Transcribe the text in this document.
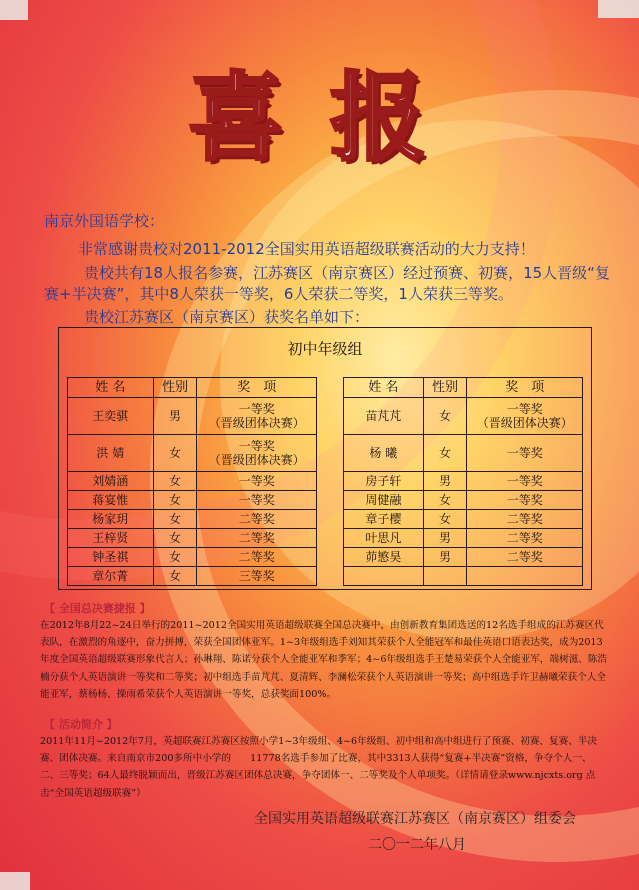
喜报
南京外国语学校：
非常感谢贵校对2011-2012全国实用英语超级联赛活动的大力支持！
贵校共有18人报名参赛，江苏赛区（南京赛区）经过预赛、初赛，15人晋级“复
赛+半决赛”，其中8人荣获一等奖，6人荣获二等奖，1人荣获三等奖。
贵校江苏赛区（南京赛区）获奖名单如下：
初中年级组
姓 名	性别	奖　项
王奕骐	男	一等奖
（晋级团体决赛）

洪 婧	女	一等奖
（晋级团体决赛）

刘婧涵	女	一等奖
蒋宴惟	女	一等奖
杨家玥	女	二等奖
王梓贤	女	二等奖
钟圣祺	女	二等奖
章尔菁	女	三等奖
姓 名	性别	奖　项
苗芃芃	女	一等奖
（晋级团体决赛）

杨 曦	女	一等奖
房子轩	男	一等奖
周健融	女	一等奖
章子樱	女	二等奖
叶思凡	男	二等奖
茆慜昊	男	二等奖

【 全国总决赛捷报 】
在2012年8月22~24日举行的2011~2012全国实用英语超级联赛全国总决赛中，由创新教育集团选送的12名选手组成的江苏赛区代表队，在激烈的角逐中，奋力拼搏，荣获全国团体亚军。1~3年级组选手刘知其荣获个人全能冠军和最佳英语口语表达奖，成为2013年度全国英语超级联赛形象代言人；孙琳翔、陈诺分获个人全能亚军和季军；4~6年级组选手王楚易荣获个人全能亚军，端树滋、陈浩楠分获个人英语演讲一等奖和二等奖；初中组选手苗芃芃、夏清辉、李澜松荣获个人英语演讲一等奖；高中组选手许卫赫曦荣获个人全能亚军，蔡杨杨、操雨希荣获个人英语演讲一等奖，总获奖面100%。
【 活动简介 】
2011年11月~2012年7月，英超联赛江苏赛区按照小学1~3年级组、4~6年级组、初中组和高中组进行了预赛、初赛、复赛、半决赛、团体决赛。来自南京市200多所中小学的　　11778名选手参加了比赛，其中3313人获得“复赛+半决赛”资格，争夺个人一、二、三等奖；64人最终脱颖而出，晋级江苏赛区团体总决赛，争夺团体一、二等奖及个人单项奖。（详情请登录www.njcxts.org 点击“全国英语超级联赛”）
全国实用英语超级联赛江苏赛区（南京赛区）组委会
二〇一二年八月
